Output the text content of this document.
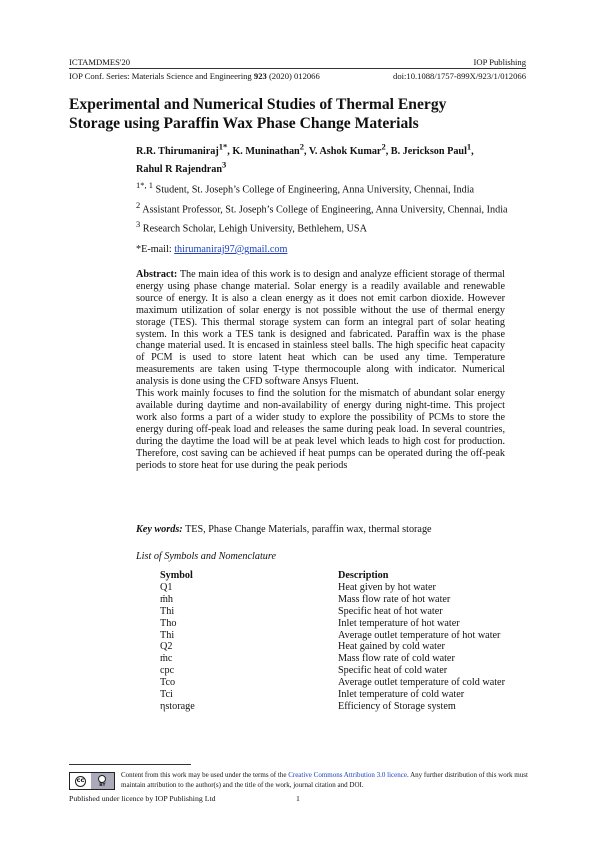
ICTAMDMES'20	IOP Publishing
IOP Conf. Series: Materials Science and Engineering 923 (2020) 012066	doi:10.1088/1757-899X/923/1/012066
Experimental and Numerical Studies of Thermal Energy
Storage using Paraffin Wax Phase Change Materials
R.R. Thirumaniraj$^{1*}$, K. Muninathan$^2$, V. Ashok Kumar$^2$, B. Jerickson Paul$^1$,
Rahul R Rajendran$^3$
$^{1*, 1}$ Student, St. Joseph’s College of Engineering, Anna University, Chennai, India
$^2$ Assistant Professor, St. Joseph’s College of Engineering, Anna University, Chennai, India
$^3$ Research Scholar, Lehigh University, Bethlehem, USA
*E-mail: thirumaniraj97@gmail.com

Abstract: The main idea of this work is to design and analyze efficient storage of thermal energy using phase change material. Solar energy is a readily available and renewable source of energy. It is also a clean energy as it does not emit carbon dioxide. However maximum utilization of solar energy is not possible without the use of thermal energy storage (TES). This thermal storage system can form an integral part of solar heating system. In this work a TES tank is designed and fabricated. Paraffin wax is the phase change material used. It is encased in stainless steel balls. The high specific heat capacity of PCM is used to store latent heat which can be used any time. Temperature measurements are taken using T-type thermocouple along with indicator. Numerical analysis is done using the CFD software Ansys Fluent.

This work mainly focuses to find the solution for the mismatch of abundant solar energy available during daytime and non-availability of energy during night-time. This project work also forms a part of a wider study to explore the possibility of PCMs to store the energy during off-peak load and releases the same during peak load. In several countries, during the daytime the load will be at peak level which leads to high cost for production. Therefore, cost saving can be achieved if heat pumps can be operated during the off-peak periods to store heat for use during the peak periods

Key words: TES, Phase Change Materials, paraffin wax, thermal storage
List of Symbols and Nomenclature
Symbol	Description
Q1	Heat given by hot water
ṁh	Mass flow rate of hot water
Thi	Specific heat of hot water
Tho	Inlet temperature of hot water
Thi	Average outlet temperature of hot water
Q2	Heat gained by cold water
ṁc	Mass flow rate of cold water
cpc	Specific heat of cold water
Tco	Average outlet temperature of cold water
Tci	Inlet temperature of cold water
ηstorage	Efficiency of Storage system
cc
BY
Content from this work may be used under the terms of the Creative Commons Attribution 3.0 licence. Any further distribution of this work must maintain attribution to the author(s) and the title of the work, journal citation and DOI.
Published under licence by IOP Publishing Ltd	1
